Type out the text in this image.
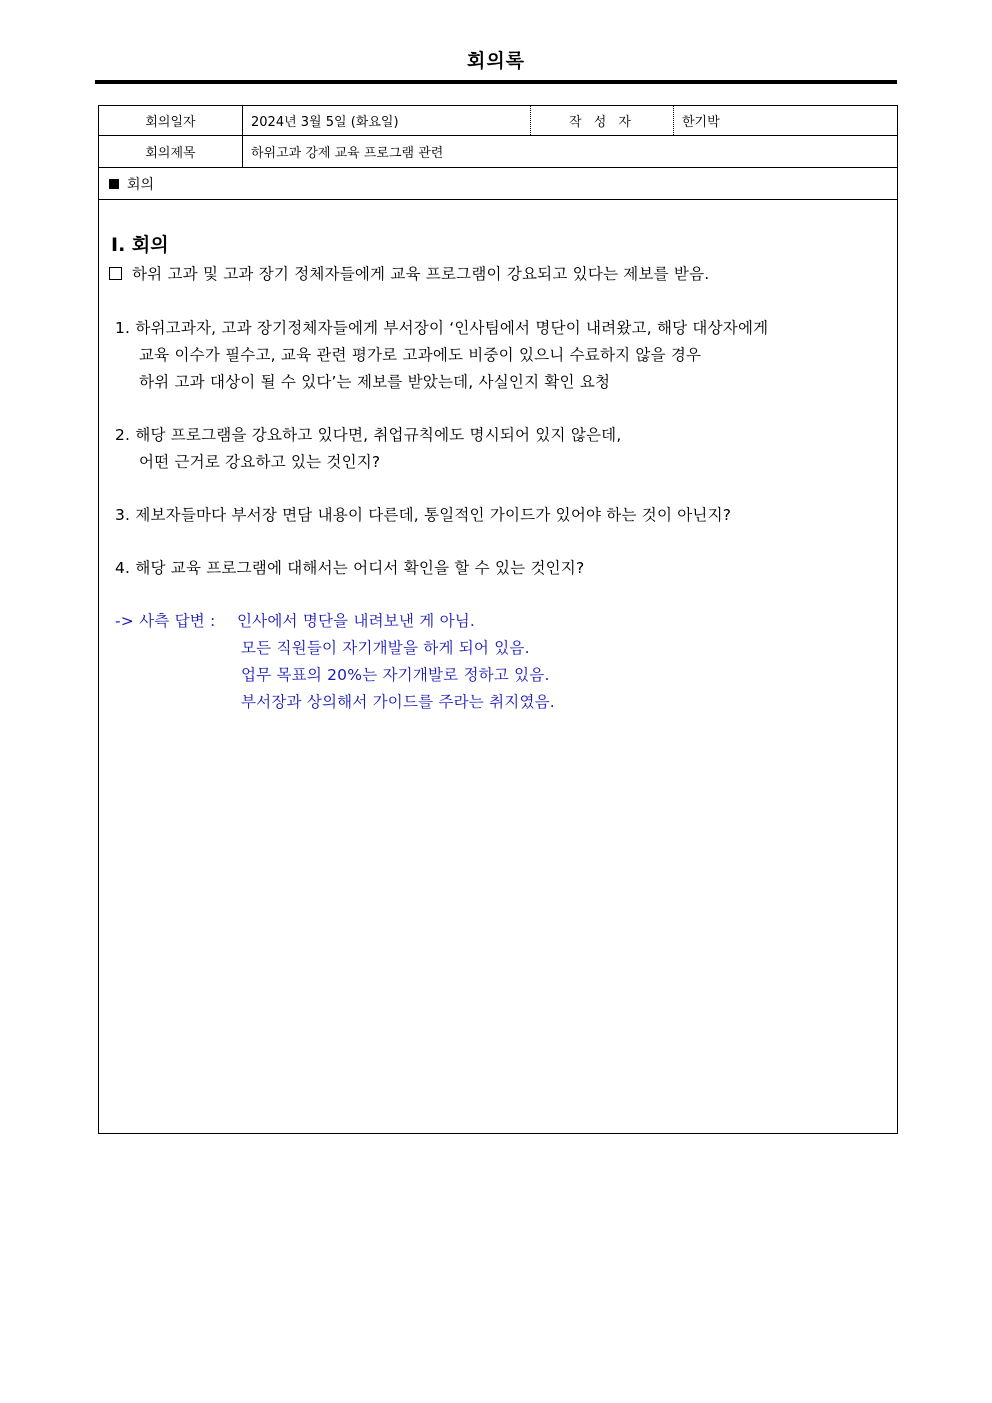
회의록
회의일자	2024년 3월 5일 (화요일)	작 성 자	한기박
회의제목	하위고과 강제 교육 프로그램 관련
회의
Ⅰ. 회의
하위 고과 및 고과 장기 정체자들에게 교육 프로그램이 강요되고 있다는 제보를 받음.
1. 하위고과자, 고과 장기정체자들에게 부서장이 ‘인사팀에서 명단이 내려왔고, 해당 대상자에게
교육 이수가 필수고, 교육 관련 평가로 고과에도 비중이 있으니 수료하지 않을 경우
하위 고과 대상이 될 수 있다’는 제보를 받았는데, 사실인지 확인 요청
2. 해당 프로그램을 강요하고 있다면, 취업규칙에도 명시되어 있지 않은데,
어떤 근거로 강요하고 있는 것인지?
3. 제보자들마다 부서장 면담 내용이 다른데, 통일적인 가이드가 있어야 하는 것이 아닌지?
4. 해당 교육 프로그램에 대해서는 어디서 확인을 할 수 있는 것인지?
-> 사측 답변 : 인사에서 명단을 내려보낸 게 아님.
모든 직원들이 자기개발을 하게 되어 있음.
업무 목표의 20%는 자기개발로 정하고 있음.
부서장과 상의해서 가이드를 주라는 취지였음.
